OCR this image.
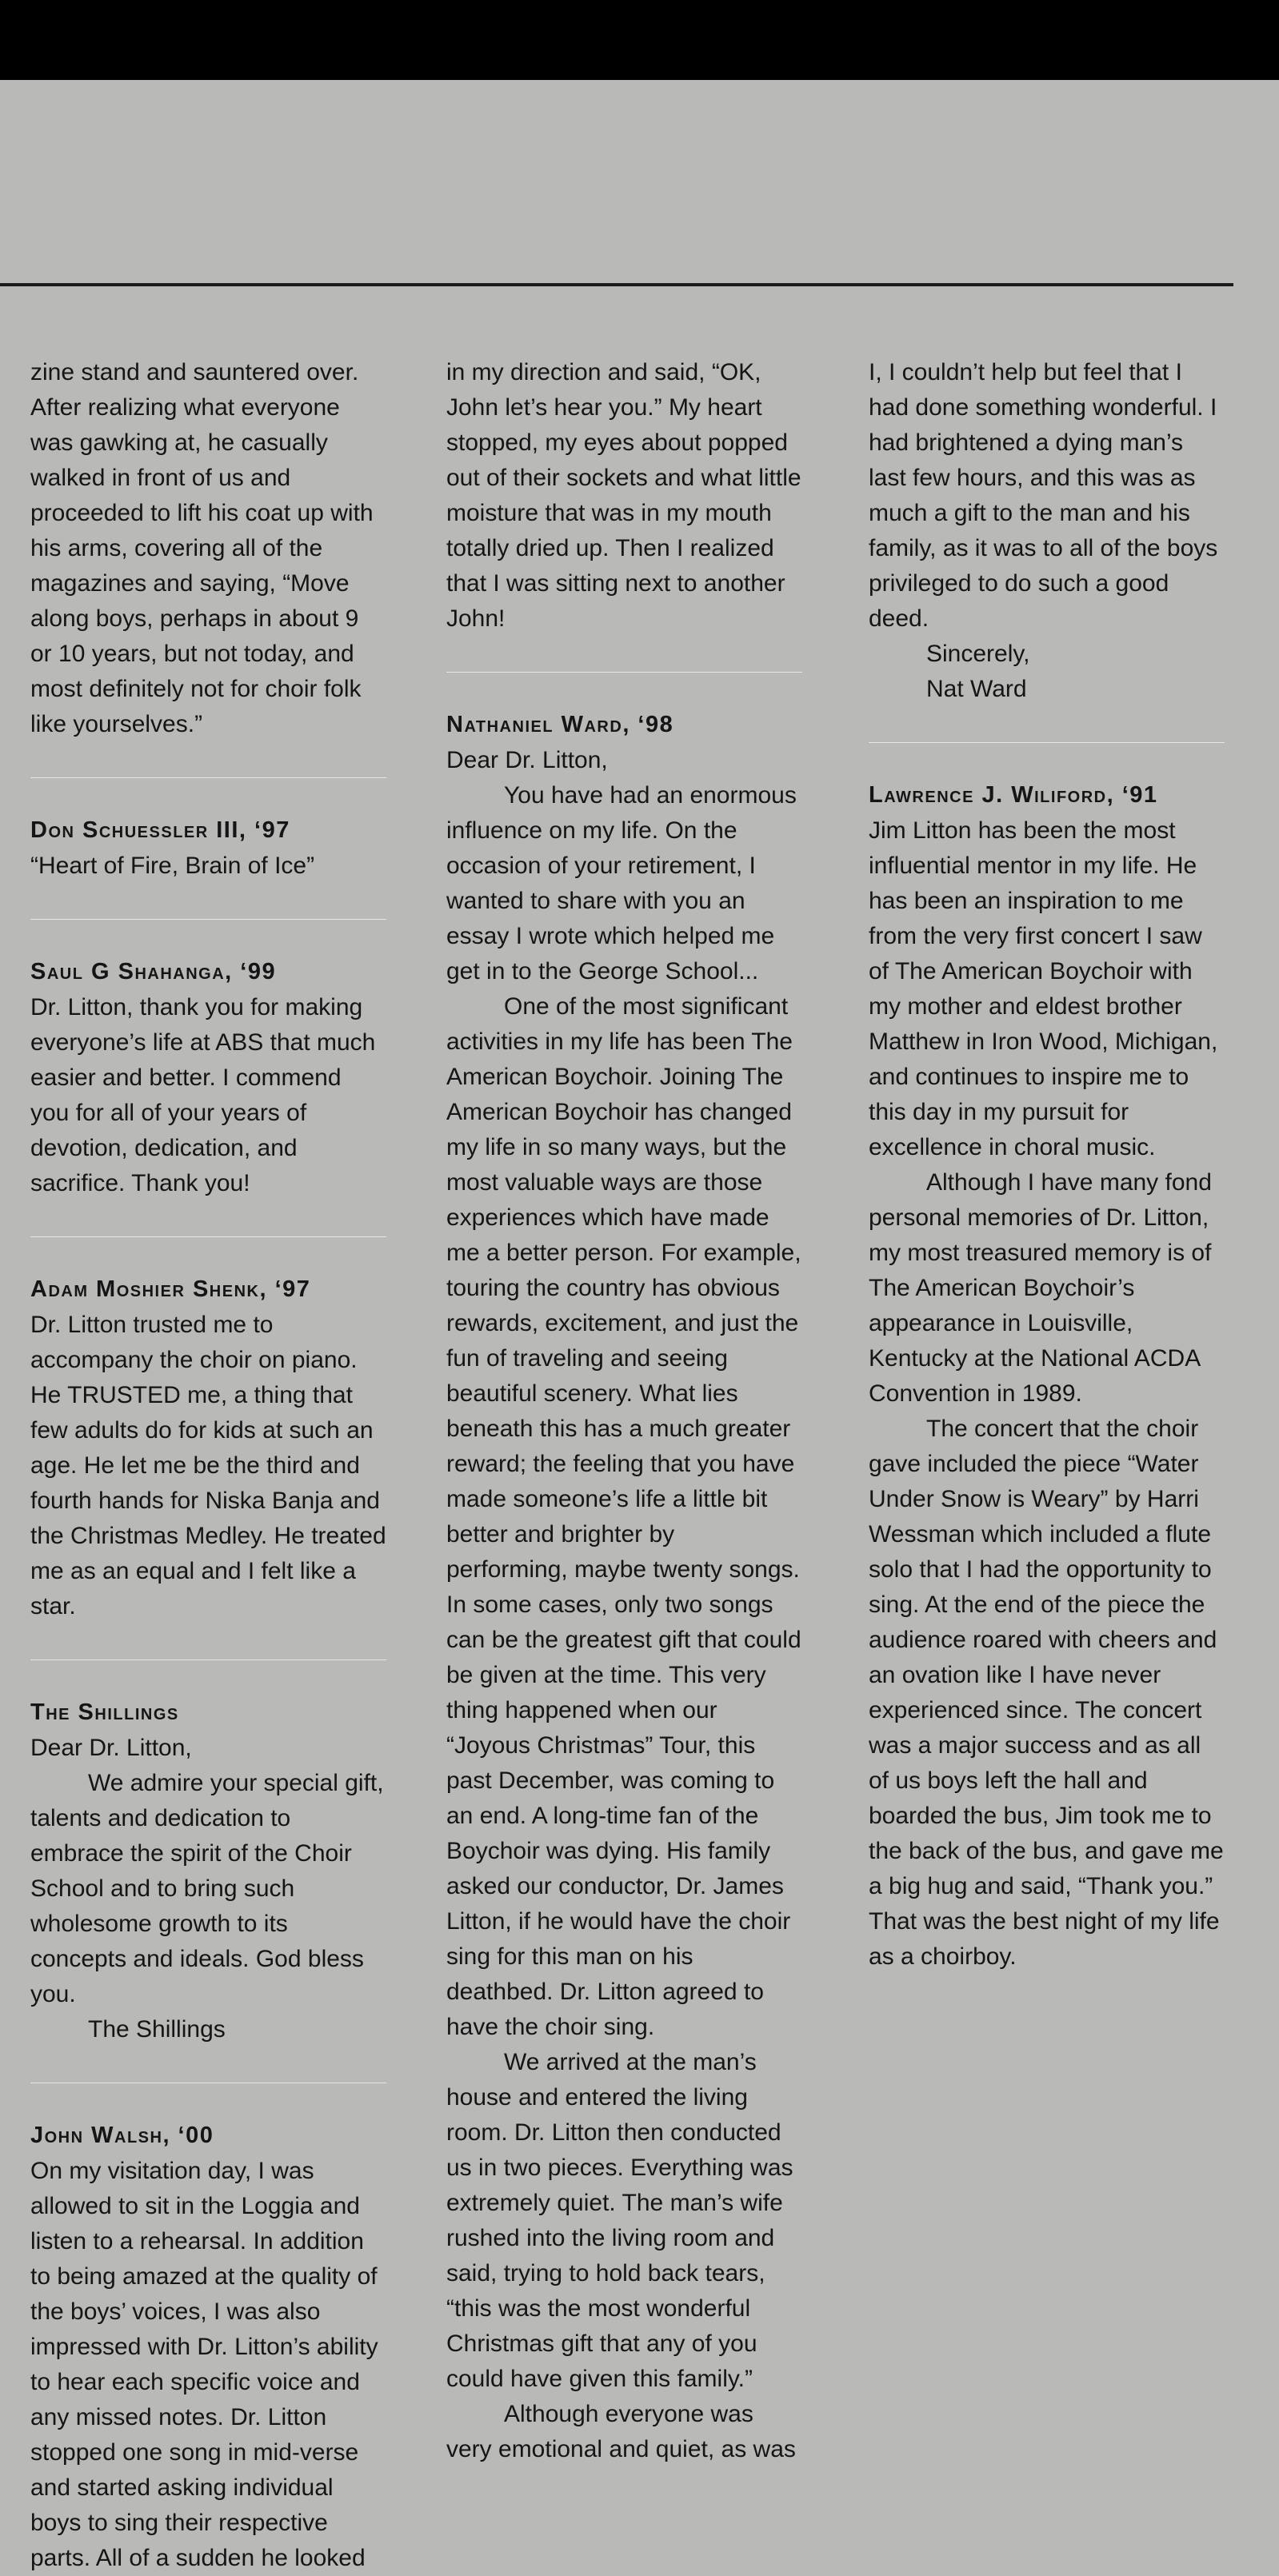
zine stand and sauntered over. After realizing what everyone was gawking at, he casually walked in front of us and proceeded to lift his coat up with his arms, covering all of the magazines and saying, “Move along boys, perhaps in about 9 or 10 years, but not today, and most definitely not for choir folk like yourselves.”

Don Schuessler III, ‘97

“Heart of Fire, Brain of Ice”

Saul G Shahanga, ‘99

Dr. Litton, thank you for making everyone’s life at ABS that much easier and better. I commend you for all of your years of devotion, dedication, and sacrifice. Thank you!

Adam Moshier Shenk, ‘97

Dr. Litton trusted me to accompany the choir on piano. He TRUSTED me, a thing that few adults do for kids at such an age. He let me be the third and fourth hands for Niska Banja and the Christmas Medley. He treated me as an equal and I felt like a star.

The Shillings

Dear Dr. Litton,

We admire your special gift, talents and dedication to embrace the spirit of the Choir School and to bring such wholesome growth to its concepts and ideals. God bless you.

The Shillings

John Walsh, ‘00

On my visitation day, I was allowed to sit in the Loggia and listen to a rehearsal. In addition to being amazed at the quality of the boys’ voices, I was also impressed with Dr. Litton’s ability to hear each specific voice and any missed notes. Dr. Litton stopped one song in mid-verse and started asking individual boys to sing their respective parts. All of a sudden he looked

in my direction and said, “OK, John let’s hear you.” My heart stopped, my eyes about popped out of their sockets and what little moisture that was in my mouth totally dried up. Then I realized that I was sitting next to another John!

Nathaniel Ward, ‘98

Dear Dr. Litton,

You have had an enormous influence on my life. On the occasion of your retirement, I wanted to share with you an essay I wrote which helped me get in to the George School...

One of the most significant activities in my life has been The American Boychoir. Joining The American Boychoir has changed my life in so many ways, but the most valuable ways are those experiences which have made me a better person. For example, touring the country has obvious rewards, excitement, and just the fun of traveling and seeing beautiful scenery. What lies beneath this has a much greater reward; the feeling that you have made someone’s life a little bit better and brighter by performing, maybe twenty songs. In some cases, only two songs can be the greatest gift that could be given at the time. This very thing happened when our “Joyous Christmas” Tour, this past December, was coming to an end. A long-time fan of the Boychoir was dying. His family asked our conductor, Dr. James Litton, if he would have the choir sing for this man on his deathbed. Dr. Litton agreed to have the choir sing.

We arrived at the man’s house and entered the living room. Dr. Litton then conducted us in two pieces. Everything was extremely quiet. The man’s wife rushed into the living room and said, trying to hold back tears, “this was the most wonderful Christmas gift that any of you could have given this family.”

Although everyone was very emotional and quiet, as was

I, I couldn’t help but feel that I had done something wonderful. I had brightened a dying man’s last few hours, and this was as much a gift to the man and his family, as it was to all of the boys privileged to do such a good deed.

Sincerely,

Nat Ward

Lawrence J. Wiliford, ‘91

Jim Litton has been the most influential mentor in my life. He has been an inspiration to me from the very first concert I saw of The American Boychoir with my mother and eldest brother Matthew in Iron Wood, Michigan, and continues to inspire me to this day in my pursuit for excellence in choral music.

Although I have many fond personal memories of Dr. Litton, my most treasured memory is of The American Boychoir’s appearance in Louisville, Kentucky at the National ACDA Convention in 1989.

The concert that the choir gave included the piece “Water Under Snow is Weary” by Harri Wessman which included a flute solo that I had the opportunity to sing. At the end of the piece the audience roared with cheers and an ovation like I have never experienced since. The concert was a major success and as all of us boys left the hall and boarded the bus, Jim took me to the back of the bus, and gave me a big hug and said, “Thank you.” That was the best night of my life as a choirboy.
